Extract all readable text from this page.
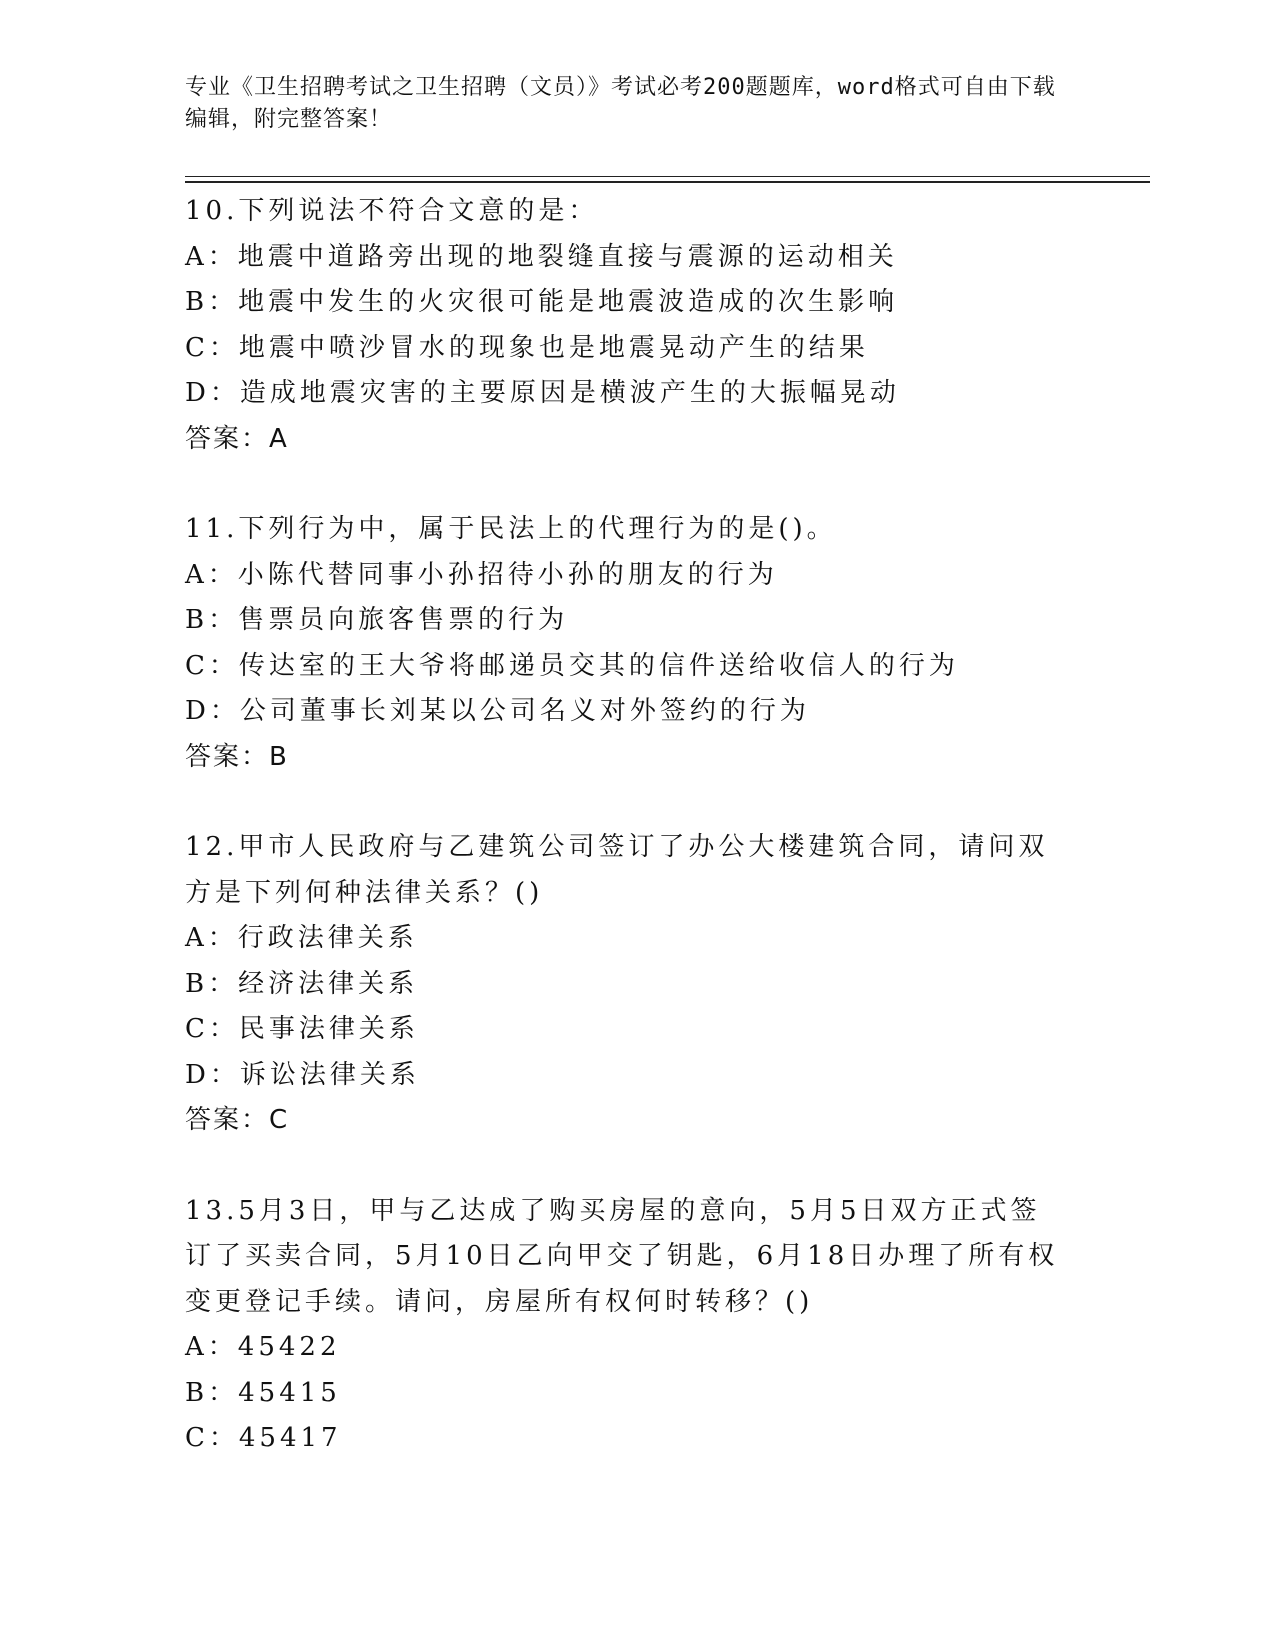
专业《卫生招聘考试之卫生招聘（文员）》考试必考200题题库，word格式可自由下载编辑，附完整答案！
10.下列说法不符合文意的是：
A：地震中道路旁出现的地裂缝直接与震源的运动相关
B：地震中发生的火灾很可能是地震波造成的次生影响
C：地震中喷沙冒水的现象也是地震晃动产生的结果
D：造成地震灾害的主要原因是横波产生的大振幅晃动
答案：A
11.下列行为中，属于民法上的代理行为的是()。
A：小陈代替同事小孙招待小孙的朋友的行为
B：售票员向旅客售票的行为
C：传达室的王大爷将邮递员交其的信件送给收信人的行为
D：公司董事长刘某以公司名义对外签约的行为
答案：B
12.甲市人民政府与乙建筑公司签订了办公大楼建筑合同，请问双方是下列何种法律关系？()
A：行政法律关系
B：经济法律关系
C：民事法律关系
D：诉讼法律关系
答案：C
13.5月3日，甲与乙达成了购买房屋的意向，5月5日双方正式签订了买卖合同，5月10日乙向甲交了钥匙，6月18日办理了所有权变更登记手续。请问，房屋所有权何时转移？()
A：45422
B：45415
C：45417
